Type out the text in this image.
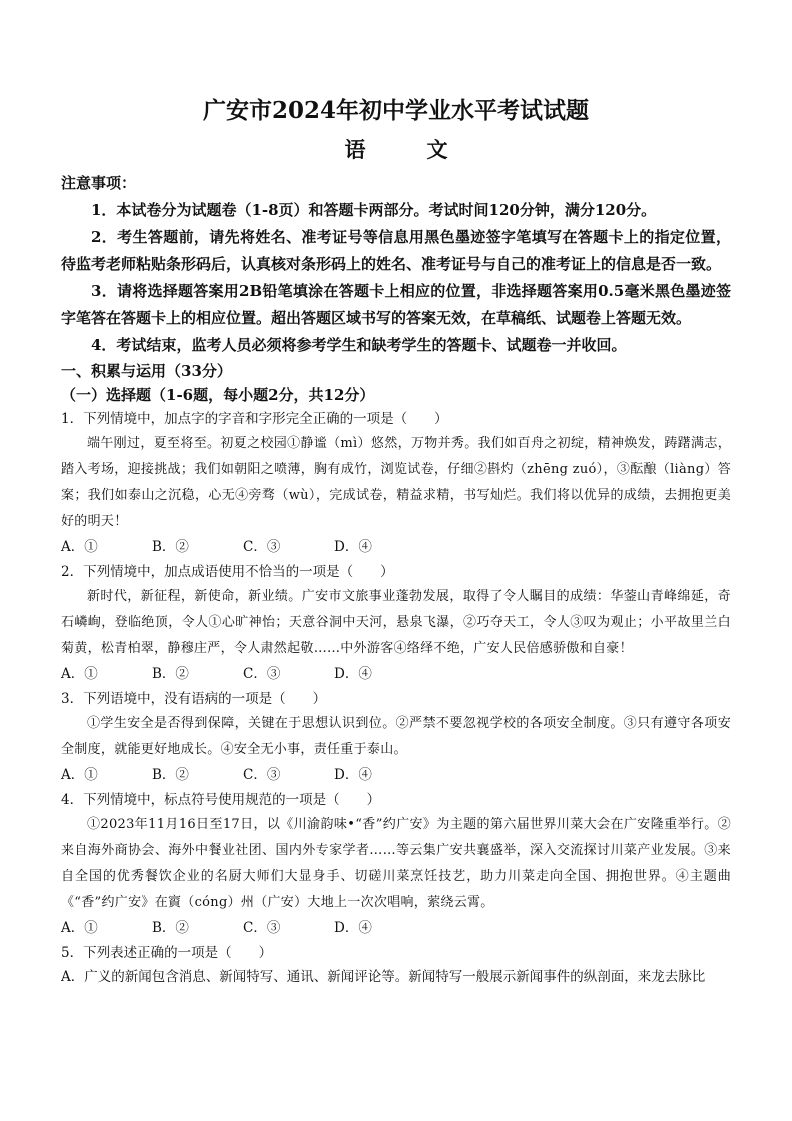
广安市2024年初中学业水平考试试题
语　文
注意事项：

1．本试卷分为试题卷（1-8页）和答题卡两部分。考试时间120分钟，满分120分。

2．考生答题前，请先将姓名、准考证号等信息用黑色墨迹签字笔填写在答题卡上的指定位置，待监考老师粘贴条形码后，认真核对条形码上的姓名、准考证号与自己的准考证上的信息是否一致。

3．请将选择题答案用2B铅笔填涂在答题卡上相应的位置，非选择题答案用0.5毫米黑色墨迹签字笔答在答题卡上的相应位置。超出答题区域书写的答案无效，在草稿纸、试题卷上答题无效。

4．考试结束，监考人员必须将参考学生和缺考学生的答题卡、试题卷一并收回。

一、积累与运用（33分）

（一）选择题（1-6题，每小题2分，共12分）

1．下列情境中，加点字的字音和字形完全正确的一项是（　　）

端午刚过，夏至将至。初夏之校园①静谧（mì）悠然，万物并秀。我们如百舟之初绽，精神焕发，踌躇满志，踏入考场，迎接挑战；我们如朝阳之喷薄，胸有成竹，浏览试卷，仔细②斟灼（zhēng zuó），③酝酿（liàng）答案；我们如泰山之沉稳，心无④旁骛（wù），完成试卷，精益求精，书写灿烂。我们将以优异的成绩，去拥抱更美好的明天！

A．①	B．②	C．③	D．④

2．下列情境中，加点成语使用不恰当的一项是（　　）

新时代，新征程，新使命，新业绩。广安市文旅事业蓬勃发展，取得了令人瞩目的成绩：华蓥山青峰绵延，奇石嶙峋，登临绝顶，令人①心旷神怡；天意谷洞中天河，悬泉飞瀑，②巧夺天工，令人③叹为观止；小平故里兰白菊黄，松青柏翠，静穆庄严，令人肃然起敬……中外游客④络绎不绝，广安人民倍感骄傲和自豪！

A．①	B．②	C．③	D．④

3．下列语境中，没有语病的一项是（　　）

①学生安全是否得到保障，关键在于思想认识到位。②严禁不要忽视学校的各项安全制度。③只有遵守各项安全制度，就能更好地成长。④安全无小事，责任重于泰山。

A．①	B．②	C．③	D．④

4．下列情境中，标点符号使用规范的一项是（　　）

①2023年11月16日至17日，以《川渝韵味•“香”约广安》为主题的第六届世界川菜大会在广安隆重举行。②来自海外商协会、海外中餐业社团、国内外专家学者……等云集广安共襄盛举，深入交流探讨川菜产业发展。③来自全国的优秀餐饮企业的名厨大师们大显身手、切磋川菜烹饪技艺，助力川菜走向全国、拥抱世界。④主题曲《“香”约广安》在賨（cóng）州（广安）大地上一次次唱响，萦绕云霄。

A．①	B．②	C．③	D．④

5．下列表述正确的一项是（　　）

A．广义的新闻包含消息、新闻特写、通讯、新闻评论等。新闻特写一般展示新闻事件的纵剖面，来龙去脉比
